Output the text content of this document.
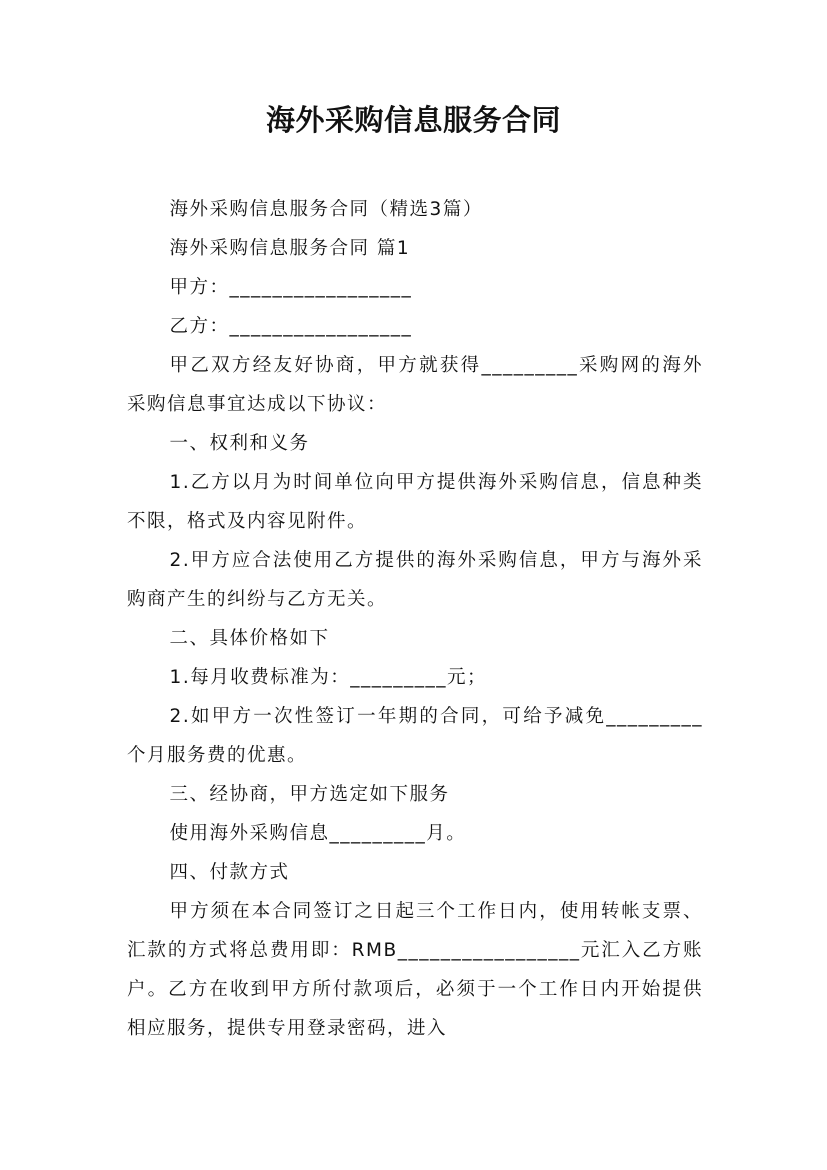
海外采购信息服务合同

海外采购信息服务合同（精选3篇）

海外采购信息服务合同 篇1

甲方：_________________

乙方：_________________

甲乙双方经友好协商，甲方就获得_________采购网的海外采购信息事宜达成以下协议：

一、权利和义务

1.乙方以月为时间单位向甲方提供海外采购信息，信息种类不限，格式及内容见附件。

2.甲方应合法使用乙方提供的海外采购信息，甲方与海外采购商产生的纠纷与乙方无关。

二、具体价格如下

1.每月收费标准为：_________元；

2.如甲方一次性签订一年期的合同，可给予减免_________个月服务费的优惠。

三、经协商，甲方选定如下服务

使用海外采购信息_________月。

四、付款方式

甲方须在本合同签订之日起三个工作日内，使用转帐支票、汇款的方式将总费用即：RMB_________________元汇入乙方账户。乙方在收到甲方所付款项后，必须于一个工作日内开始提供相应服务，提供专用登录密码，进入
